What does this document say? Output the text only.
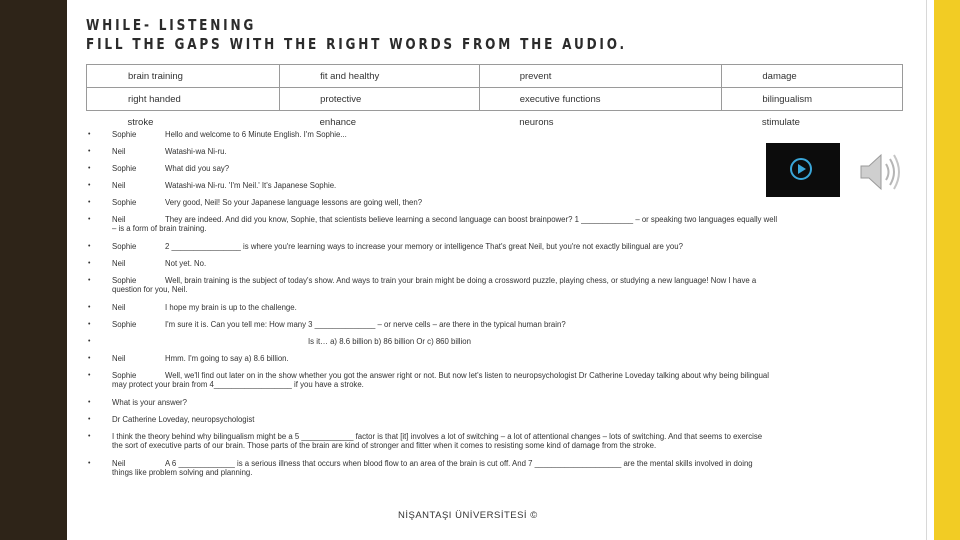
WHILE- LISTENING
FILL THE GAPS WITH THE RIGHT WORDS FROM THE AUDIO.
brain training	fit and healthy	prevent	damage
right handed	protective	executive functions	bilingualism
stroke	enhance	neurons	stimulate
•	Sophie	Hello and welcome to 6 Minute English. I'm Sophie...
•	Neil	Watashi-wa Ni-ru.
•	Sophie	What did you say?
•	Neil	Watashi-wa Ni-ru. 'I'm Neil.' It's Japanese Sophie.
•	Sophie	Very good, Neil! So your Japanese language lessons are going well, then?
•	Neil	They are indeed. And did you know, Sophie, that scientists believe learning a second language can boost brainpower? 1 ____________ – or speaking two languages equally well
– is a form of brain training.
•	Sophie	2 ________________ is where you're learning ways to increase your memory or intelligence That's great Neil, but you're not exactly bilingual are you?
•	Neil	Not yet. No.
•	Sophie	Well, brain training is the subject of today's show. And ways to train your brain might be doing a crossword puzzle, playing chess, or studying a new language! Now I have a
question for you, Neil.
•	Neil	I hope my brain is up to the challenge.
•	Sophie	I'm sure it is. Can you tell me: How many 3 ______________ – or nerve cells – are there in the typical human brain?
•	Is it… a) 8.6 billion b) 86 billion Or c) 860 billion
•	Neil	Hmm. I'm going to say a) 8.6 billion.
•	Sophie	Well, we'll find out later on in the show whether you got the answer right or not. But now let's listen to neuropsychologist Dr Catherine Loveday talking about why being bilingual
may protect your brain from 4__________________ if you have a stroke.
•	What is your answer?
•	Dr Catherine Loveday, neuropsychologist
•	I think the theory behind why bilingualism might be a 5 ____________ factor is that [it] involves a lot of switching – a lot of attentional changes – lots of switching. And that seems to exercise
the sort of executive parts of our brain. Those parts of the brain are kind of stronger and fitter when it comes to resisting some kind of damage from the stroke.
•	Neil	A 6 _____________ is a serious illness that occurs when blood flow to an area of the brain is cut off. And 7 ____________________ are the mental skills involved in doing
things like problem solving and planning.
NİŞANTAŞI ÜNİVERSİTESİ ©
